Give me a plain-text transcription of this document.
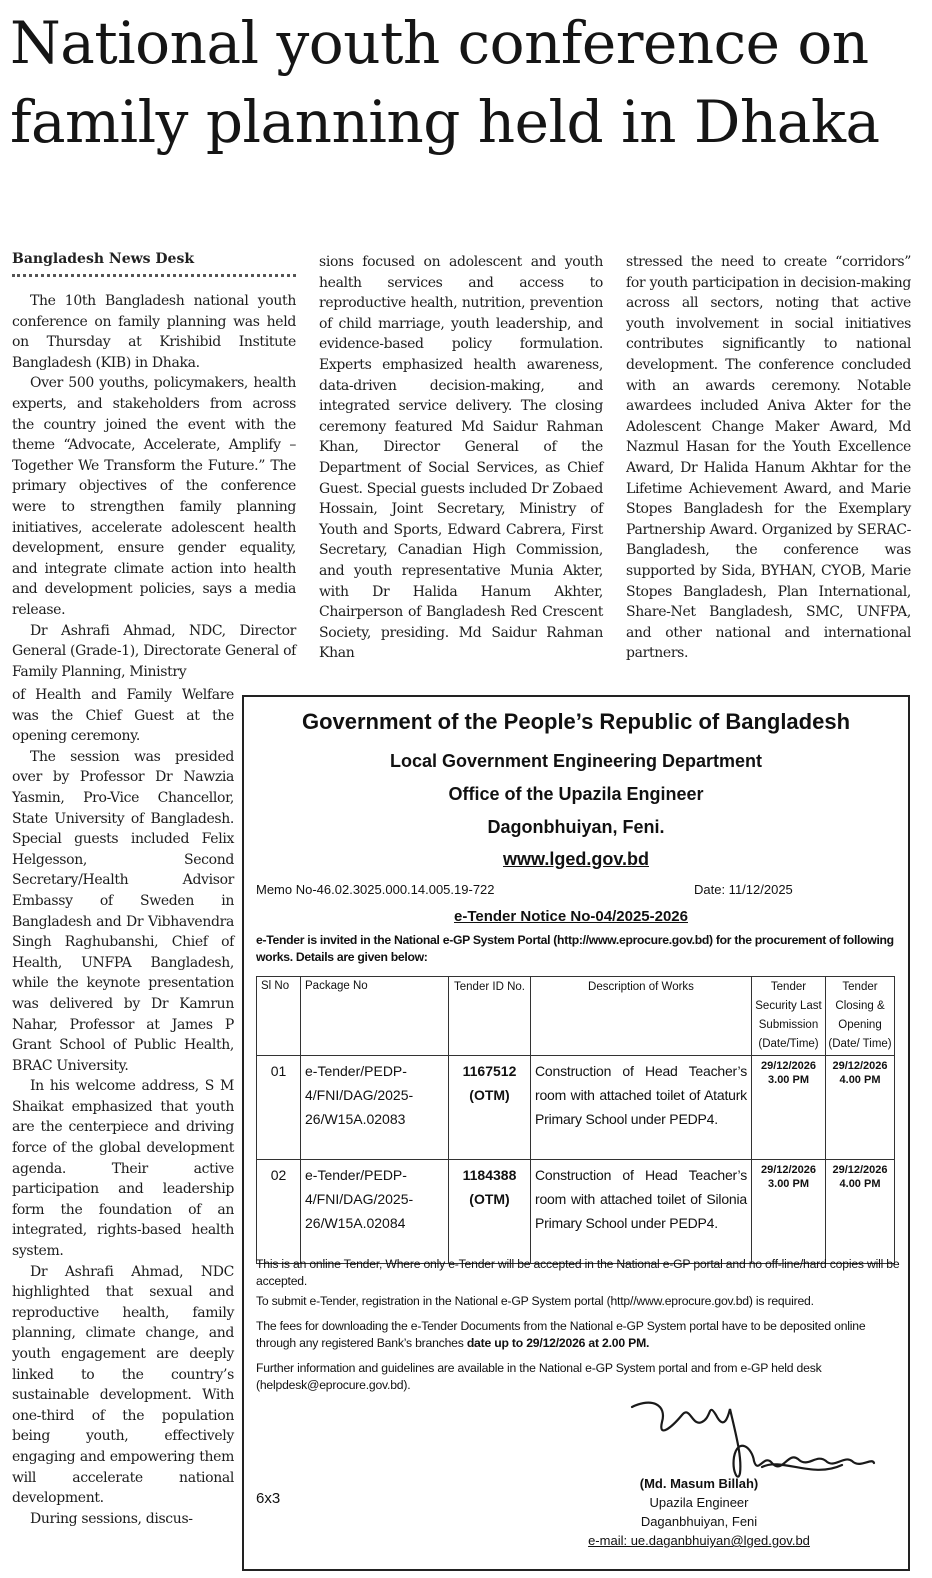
National youth conference on family planning held in Dhaka
Bangladesh News Desk

The 10th Bangladesh national youth conference on family planning was held on Thursday at Krishibid Institute Bangladesh (KIB) in Dhaka.

Over 500 youths, policymakers, health experts, and stakeholders from across the country joined the event with the theme “Advocate, Accelerate, Amplify – Together We Transform the Future.” The primary objectives of the conference were to strengthen family planning initiatives, accelerate adolescent health development, ensure gender equality, and integrate climate action into health and development policies, says a media release.

Dr Ashrafi Ahmad, NDC, Director General (Grade-1), Directorate General of Family Planning, Ministry

of Health and Family Welfare was the Chief Guest at the opening ceremony.

The session was presided over by Professor Dr Nawzia Yasmin, Pro-Vice Chancellor, State University of Bangladesh. Special guests included Felix Helgesson, Second Secretary/Health Advisor Embassy of Sweden in Bangladesh and Dr Vibhavendra Singh Raghubanshi, Chief of Health, UNFPA Bangladesh, while the keynote presentation was delivered by Dr Kamrun Nahar, Professor at James P Grant School of Public Health, BRAC University.

In his welcome address, S M Shaikat emphasized that youth are the centerpiece and driving force of the global development agenda. Their active participation and leadership form the foundation of an integrated, rights-based health system.

Dr Ashrafi Ahmad, NDC highlighted that sexual and reproductive health, family planning, climate change, and youth engagement are deeply linked to the country’s sustainable development. With one-third of the population being youth, effectively engaging and empowering them will accelerate national development.

During sessions, discus-

sions focused on adolescent and youth health services and access to reproductive health, nutrition, prevention of child marriage, youth leadership, and evidence-based policy formulation. Experts emphasized health awareness, data-driven decision-making, and integrated service delivery. The closing ceremony featured Md Saidur Rahman Khan, Director General of the Department of Social Services, as Chief Guest. Special guests included Dr Zobaed Hossain, Joint Secretary, Ministry of Youth and Sports, Edward Cabrera, First Secretary, Canadian High Commission, and youth representative Munia Akter, with Dr Halida Hanum Akhter, Chairperson of Bangladesh Red Crescent Society, presiding. Md Saidur Rahman Khan

stressed the need to create “corridors” for youth participation in decision-making across all sectors, noting that active youth involvement in social initiatives contributes significantly to national development. The conference concluded with an awards ceremony. Notable awardees included Aniva Akter for the Adolescent Change Maker Award, Md Nazmul Hasan for the Youth Excellence Award, Dr Halida Hanum Akhtar for the Lifetime Achievement Award, and Marie Stopes Bangladesh for the Exemplary Partnership Award. Organized by SERAC-Bangladesh, the conference was supported by Sida, BYHAN, CYOB, Marie Stopes Bangladesh, Plan International, Share-Net Bangladesh, SMC, UNFPA, and other national and international partners.

Government of the People’s Republic of Bangladesh
Local Government Engineering Department
Office of the Upazila Engineer
Dagonbhuiyan, Feni.
www.lged.gov.bd
Memo No-46.02.3025.000.14.005.19-722	Date: 11/12/2025
e-Tender Notice No-04/2025-2026
e-Tender is invited in the National e-GP System Portal (http://www.eprocure.gov.bd) for the procurement of following works. Details are given below:
Sl No	Package No	Tender ID No.	Description of Works	Tender Security Last Submission (Date/Time)	Tender Closing & Opening (Date/ Time)
01	e-Tender/PEDP-4/FNI/DAG/2025-26/W15A.02083	1167512 (OTM)	Construction of Head Teacher’s room with attached toilet of Ataturk Primary School under PEDP4.	29/12/2026 3.00 PM	29/12/2026 4.00 PM
02	e-Tender/PEDP-4/FNI/DAG/2025-26/W15A.02084	1184388 (OTM)	Construction of Head Teacher’s room with attached toilet of Silonia Primary School under PEDP4.	29/12/2026 3.00 PM	29/12/2026 4.00 PM
This is an online Tender, Where only e-Tender will be accepted in the National e-GP portal and no off-line/hard copies will be accepted.
To submit e-Tender, registration in the National e-GP System portal (http//www.eprocure.gov.bd) is required.
The fees for downloading the e-Tender Documents from the National e-GP System portal have to be deposited online through any registered Bank’s branches date up to 29/12/2026 at 2.00 PM.
Further information and guidelines are available in the National e-GP System portal and from e-GP held desk (helpdesk@eprocure.gov.bd).
6x3
(Md. Masum Billah)
Upazila Engineer
Daganbhuiyan, Feni
e-mail: ue.daganbhuiyan@lged.gov.bd
